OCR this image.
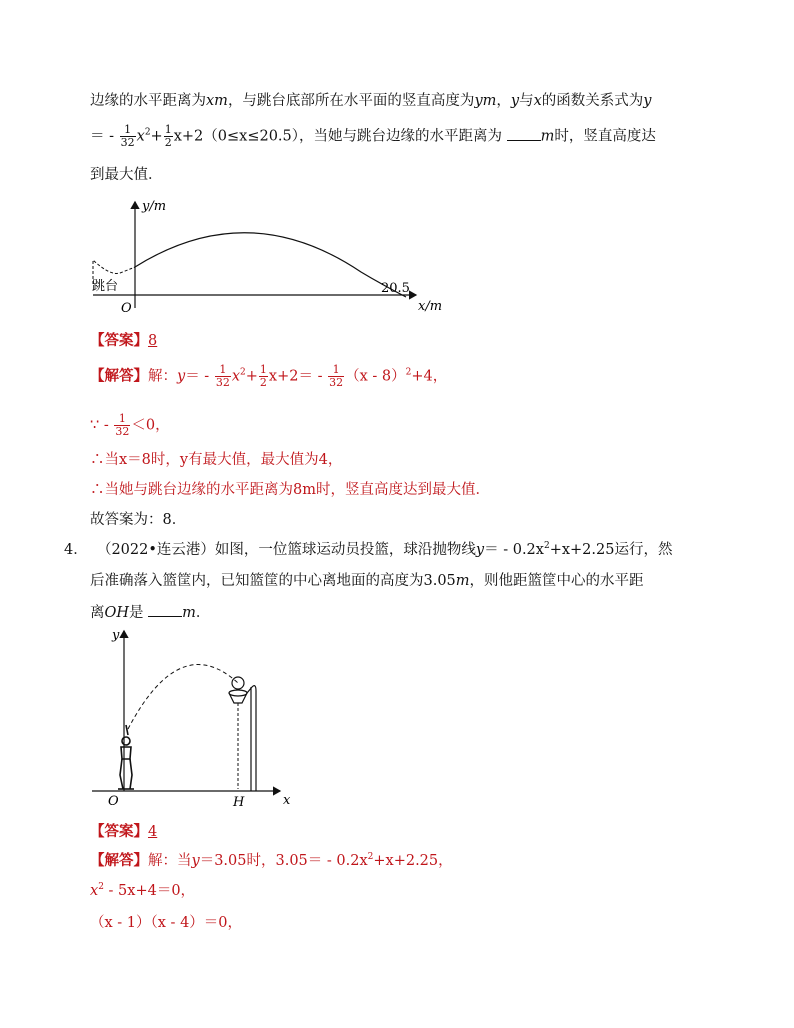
边缘的水平距离为xm，与跳台底部所在水平面的竖直高度为ym，y与x的函数关系式为y
＝ - $\frac{1}{32} x^2+ \frac{1}{2} x+2(0\le x\le 20.5)$，当她与跳台边缘的水平距离为	m时，竖直高度达
到最大值．
y/m
跳台
O
20.5
x/m
【答案】8
【解答】解：$y= - \frac{1}{32} x^2+ \frac{1}{2} x+2= - \frac{1}{32} (x - 8)^2+4$，
∵ - $\frac{1}{32} <0$，
∴当x＝8时，y有最大值，最大值为4，
∴当她与跳台边缘的水平距离为8m时，竖直高度达到最大值．
故答案为：8．
4． （2022•连云港）如图，一位篮球运动员投篮，球沿抛物线$y= - 0.2x^2+x+2.25$运行，然
后准确落入篮筐内，已知篮筐的中心离地面的高度为3.05m，则他距篮筐中心的水平距
离OH是	m．
y
O	H	x
【答案】4
【解答】解：当y＝3.05时，$3.05= - 0.2x^2+x+2.25$，
$x^2 - 5x+4=0$，
（x - 1）（x - 4）＝0，
